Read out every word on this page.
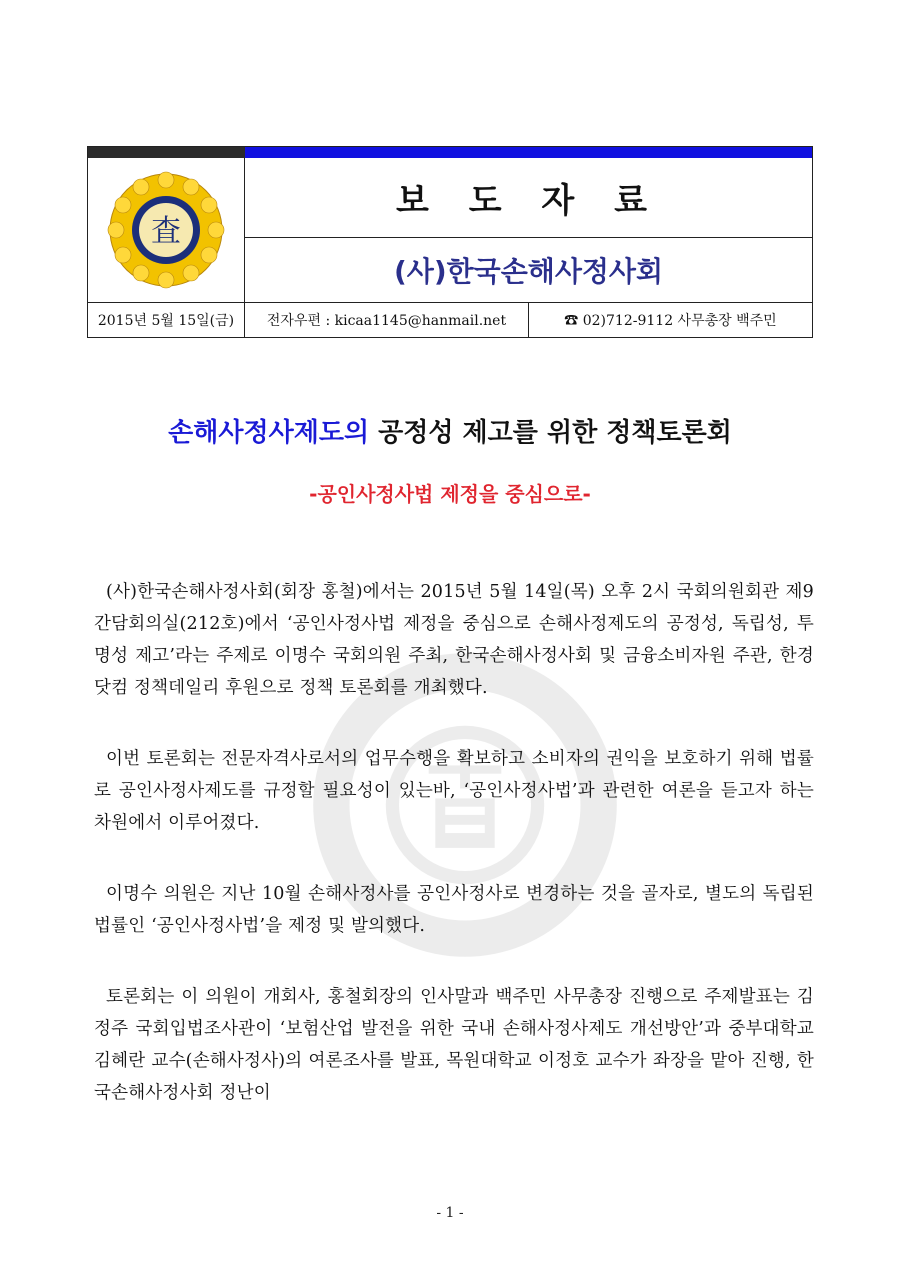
査
보 도 자 료
(사)한국손해사정사회
2015년 5월 15일(금)	전자우편 : kicaa1145@hanmail.net	☎ 02)712-9112 사무총장 백주민
손해사정사제도의 공정성 제고를 위한 정책토론회
-공인사정사법 제정을 중심으로-

(사)한국손해사정사회(회장 홍철)에서는 2015년 5월 14일(목) 오후 2시 국회의원회관 제9간담회의실(212호)에서 ‘공인사정사법 제정을 중심으로 손해사정제도의 공정성, 독립성, 투명성 제고’라는 주제로 이명수 국회의원 주최, 한국손해사정사회 및 금융소비자원 주관, 한경닷컴 정책데일리 후원으로 정책 토론회를 개최했다.

이번 토론회는 전문자격사로서의 업무수행을 확보하고 소비자의 권익을 보호하기 위해 법률로 공인사정사제도를 규정할 필요성이 있는바, ‘공인사정사법’과 관련한 여론을 듣고자 하는 차원에서 이루어졌다.

이명수 의원은 지난 10월 손해사정사를 공인사정사로 변경하는 것을 골자로, 별도의 독립된 법률인 ‘공인사정사법’을 제정 및 발의했다.

토론회는 이 의원이 개회사, 홍철회장의 인사말과 백주민 사무총장 진행으로 주제발표는 김정주 국회입법조사관이 ‘보험산업 발전을 위한 국내 손해사정사제도 개선방안’과 중부대학교 김혜란 교수(손해사정사)의 여론조사를 발표, 목원대학교 이정호 교수가 좌장을 맡아 진행, 한국손해사정사회 정난이

- 1 -
